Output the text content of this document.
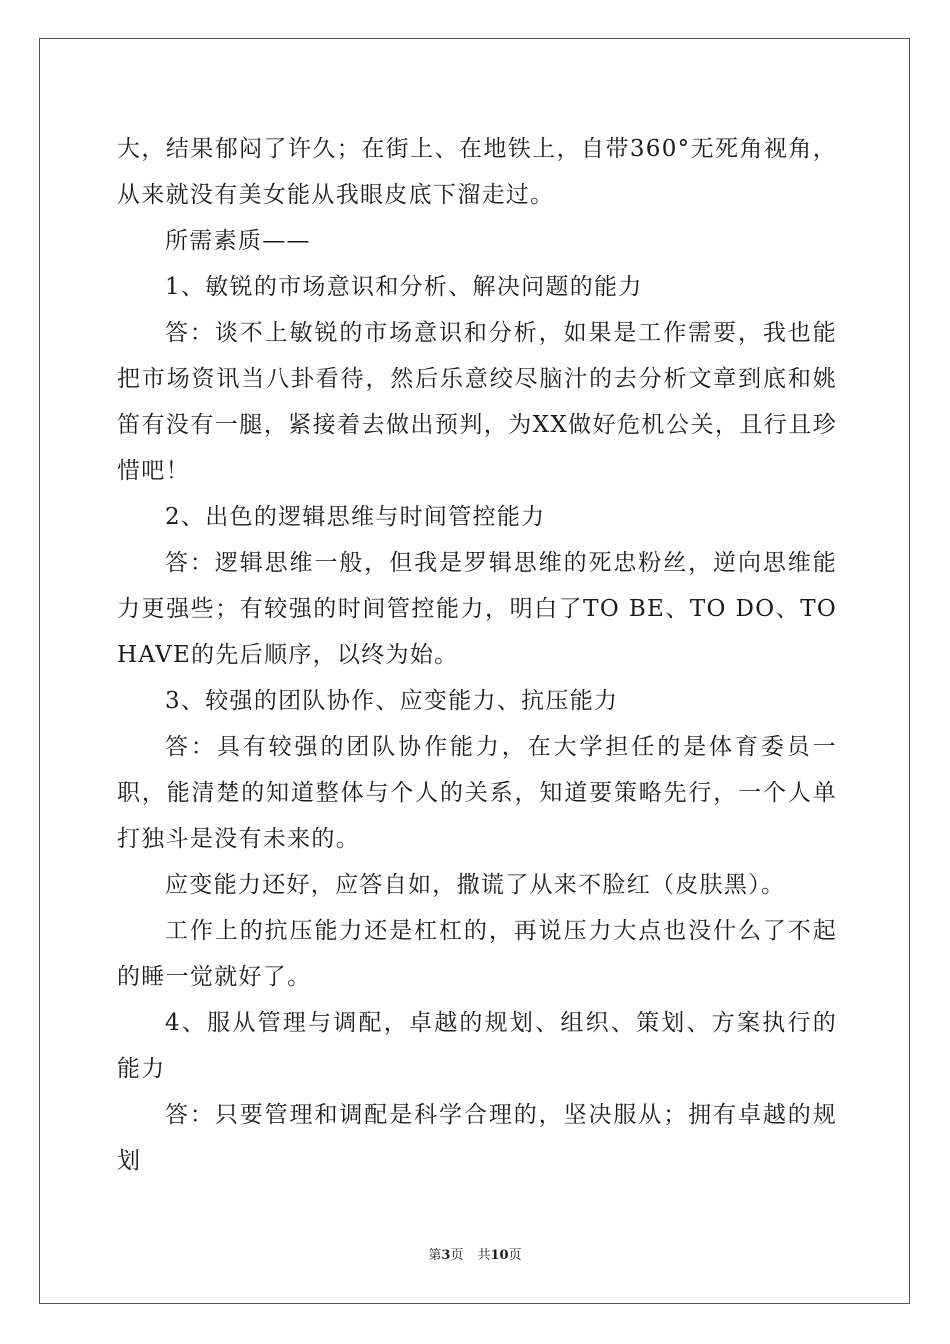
大，结果郁闷了许久；在街上、在地铁上，自带360°无死角视角，从来就没有美女能从我眼皮底下溜走过。

所需素质——

1、敏锐的市场意识和分析、解决问题的能力

答：谈不上敏锐的市场意识和分析，如果是工作需要，我也能把市场资讯当八卦看待，然后乐意绞尽脑汁的去分析文章到底和姚笛有没有一腿，紧接着去做出预判，为XX做好危机公关，且行且珍惜吧！

2、出色的逻辑思维与时间管控能力

答：逻辑思维一般，但我是罗辑思维的死忠粉丝，逆向思维能力更强些；有较强的时间管控能力，明白了TO BE、TO DO、TO HAVE的先后顺序，以终为始。

3、较强的团队协作、应变能力、抗压能力

答：具有较强的团队协作能力，在大学担任的是体育委员一职，能清楚的知道整体与个人的关系，知道要策略先行，一个人单打独斗是没有未来的。

应变能力还好，应答自如，撒谎了从来不脸红（皮肤黑）。

工作上的抗压能力还是杠杠的，再说压力大点也没什么了不起的睡一觉就好了。

4、服从管理与调配，卓越的规划、组织、策划、方案执行的能力

答：只要管理和调配是科学合理的，坚决服从；拥有卓越的规划

第3页 共10页
